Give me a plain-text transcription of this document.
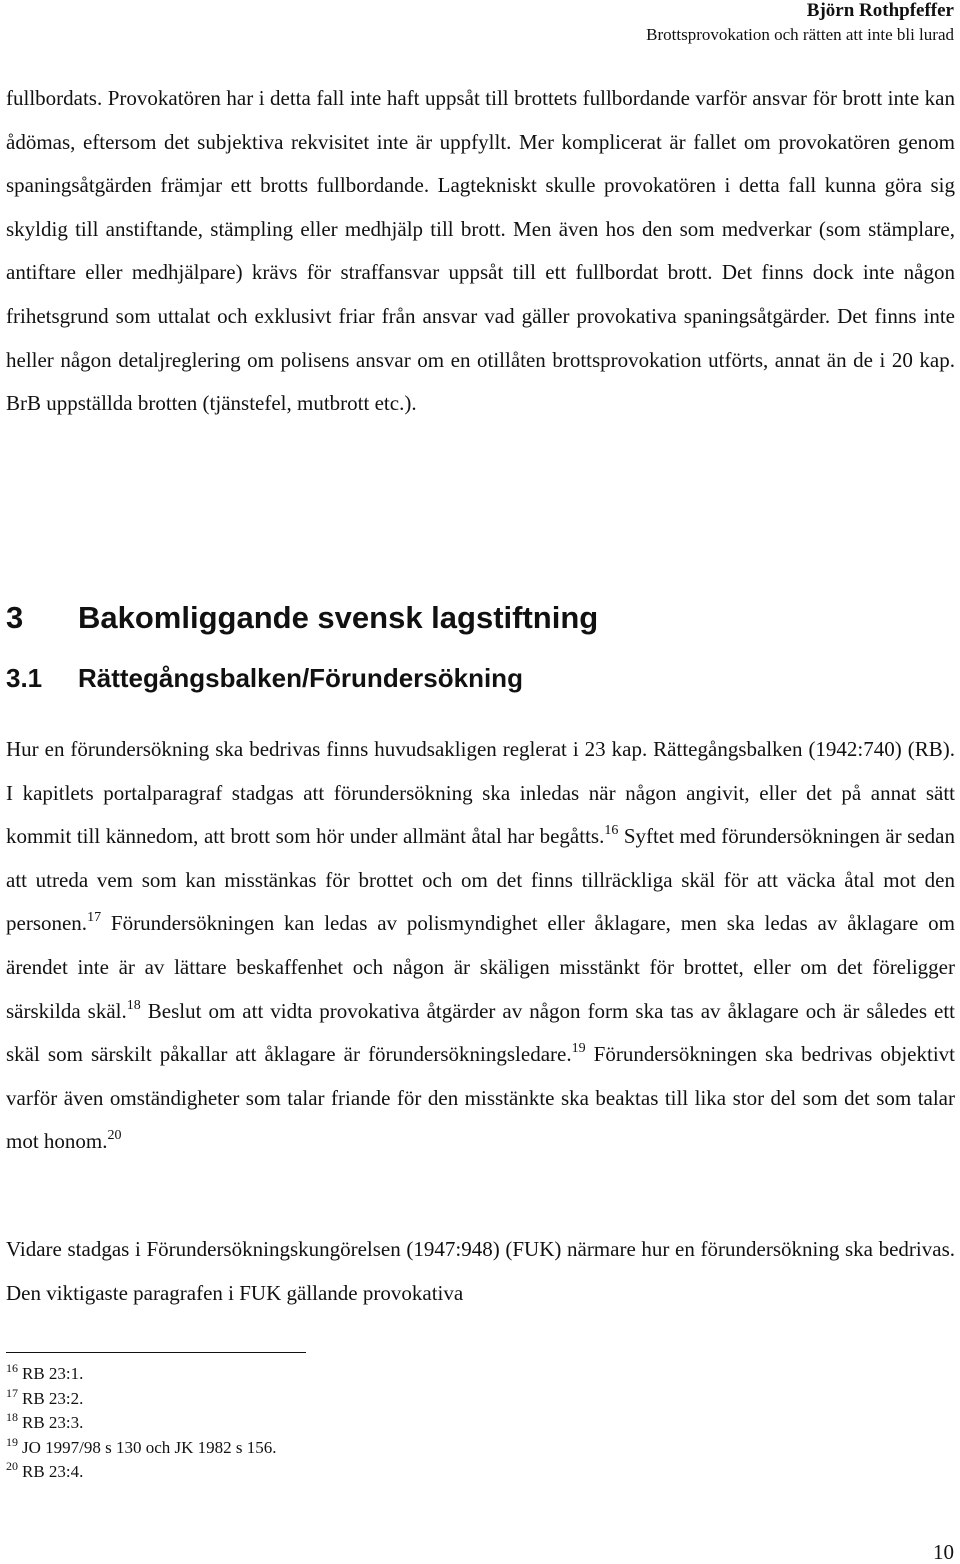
Björn Rothpfeffer
Brottsprovokation och rätten att inte bli lurad

fullbordats. Provokatören har i detta fall inte haft uppsåt till brottets fullbordande varför ansvar för brott inte kan ådömas, eftersom det subjektiva rekvisitet inte är uppfyllt. Mer komplicerat är fallet om provokatören genom spaningsåtgärden främjar ett brotts fullbordande. Lagtekniskt skulle provokatören i detta fall kunna göra sig skyldig till anstiftande, stämpling eller medhjälp till brott. Men även hos den som medverkar (som stämplare, antiftare eller medhjälpare) krävs för straffansvar uppsåt till ett fullbordat brott. Det finns dock inte någon frihetsgrund som uttalat och exklusivt friar från ansvar vad gäller provokativa spaningsåtgärder. Det finns inte heller någon detaljreglering om polisens ansvar om en otillåten brottsprovokation utförts, annat än de i 20 kap. BrB uppställda brotten (tjänstefel, mutbrott etc.).

3 Bakomliggande svensk lagstiftning
3.1 Rättegångsbalken/Förundersökning

Hur en förundersökning ska bedrivas finns huvudsakligen reglerat i 23 kap. Rättegångsbalken (1942:740) (RB). I kapitlets portalparagraf stadgas att förundersökning ska inledas när någon angivit, eller det på annat sätt kommit till kännedom, att brott som hör under allmänt åtal har begåtts.$^{16}$ Syftet med förundersökningen är sedan att utreda vem som kan misstänkas för brottet och om det finns tillräckliga skäl för att väcka åtal mot den personen.$^{17}$ Förundersökningen kan ledas av polismyndighet eller åklagare, men ska ledas av åklagare om ärendet inte är av lättare beskaffenhet och någon är skäligen misstänkt för brottet, eller om det föreligger särskilda skäl.$^{18}$ Beslut om att vidta provokativa åtgärder av någon form ska tas av åklagare och är således ett skäl som särskilt påkallar att åklagare är förundersökningsledare.$^{19}$ Förundersökningen ska bedrivas objektivt varför även omständigheter som talar friande för den misstänkte ska beaktas till lika stor del som det som talar mot honom.$^{20}$

Vidare stadgas i Förundersökningskungörelsen (1947:948) (FUK) närmare hur en förundersökning ska bedrivas. Den viktigaste paragrafen i FUK gällande provokativa

$^{16}$ RB 23:1.
$^{17}$ RB 23:2.
$^{18}$ RB 23:3.
$^{19}$ JO 1997/98 s 130 och JK 1982 s 156.
$^{20}$ RB 23:4.
10
